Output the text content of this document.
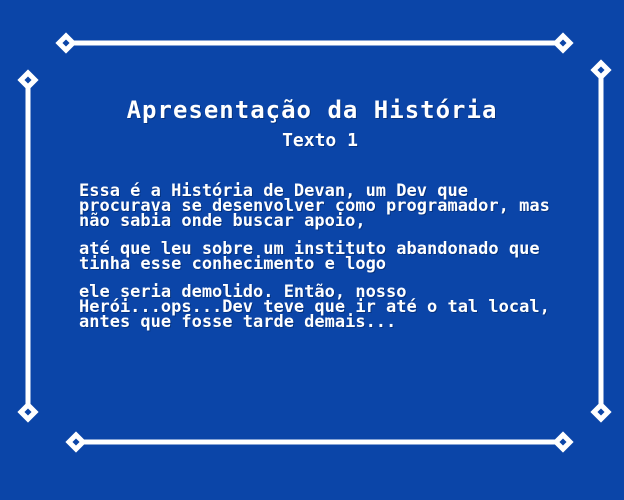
Apresentação da História
Texto 1

Essa é a História de Devan, um Dev que procurava se desenvolver como programador, mas não sabia onde buscar apoio,

até que leu sobre um instituto abandonado que tinha esse conhecimento e logo

ele seria demolido. Então, nosso Herói...ops...Dev teve que ir até o tal local, antes que fosse tarde demais...
